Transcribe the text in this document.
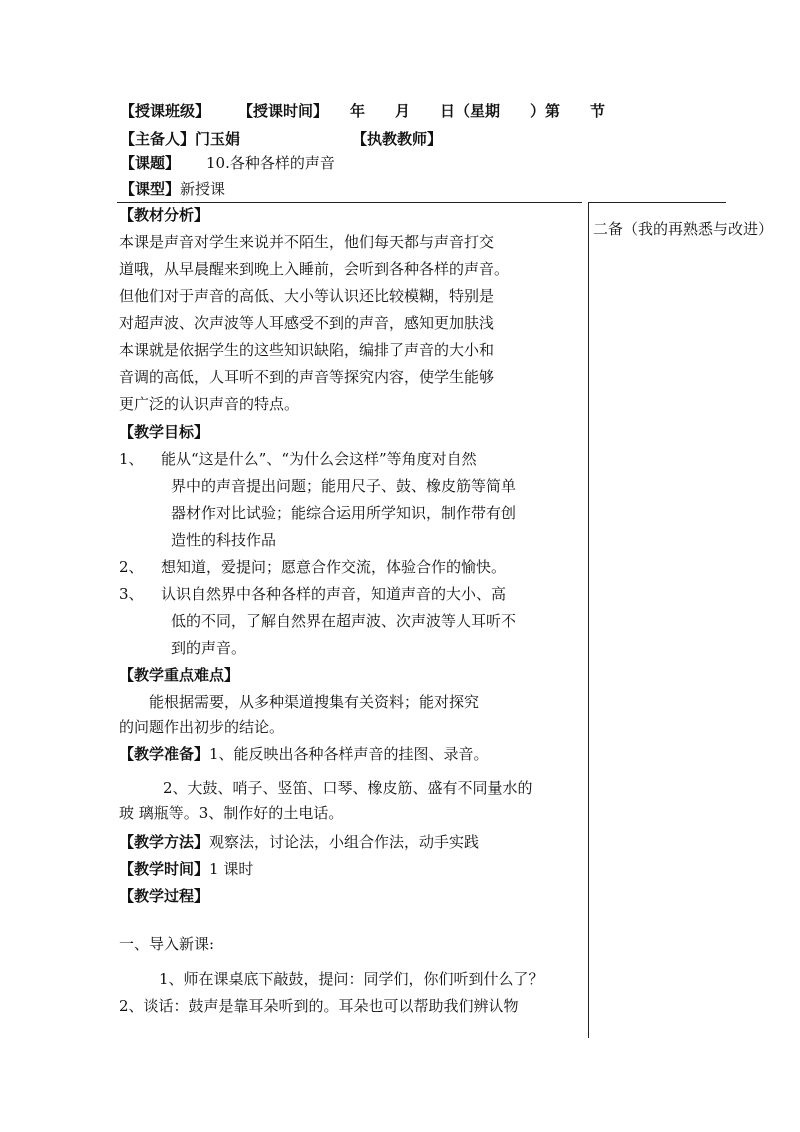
【授课班级】 【授课时间】 年　　月　　日（星期　　）第　　节
【主备人】门玉娟	【执教教师】
【课题】 10.各种各样的声音
【课型】新授课
二备（我的再熟悉与改进）
【教材分析】
本课是声音对学生来说并不陌生，他们每天都与声音打交
道哦，从早晨醒来到晚上入睡前，会听到各种各样的声音。
但他们对于声音的高低、大小等认识还比较模糊，特别是
对超声波、次声波等人耳感受不到的声音，感知更加肤浅
本课就是依据学生的这些知识缺陷，编排了声音的大小和
音调的高低，人耳听不到的声音等探究内容，使学生能够
更广泛的认识声音的特点。
【教学目标】
1、 能从“这是什么”、“为什么会这样”等角度对自然
界中的声音提出问题；能用尺子、鼓、橡皮筋等简单
器材作对比试验；能综合运用所学知识，制作带有创
造性的科技作品
2、 想知道，爱提问；愿意合作交流，体验合作的愉快。
3、 认识自然界中各种各样的声音，知道声音的大小、高
低的不同，了解自然界在超声波、次声波等人耳听不
到的声音。
【教学重点难点】
能根据需要，从多种渠道搜集有关资料；能对探究
的问题作出初步的结论。
【教学准备】1、能反映出各种各样声音的挂图、录音。
2、大鼓、哨子、竖笛、口琴、橡皮筋、盛有不同量水的
玻 璃瓶等。3、制作好的土电话。
【教学方法】观察法，讨论法，小组合作法，动手实践
【教学时间】1 课时
【教学过程】
一、导入新课:
1、师在课桌底下敲鼓，提问：同学们，你们听到什么了？
2、谈话：鼓声是靠耳朵听到的。耳朵也可以帮助我们辨认物
